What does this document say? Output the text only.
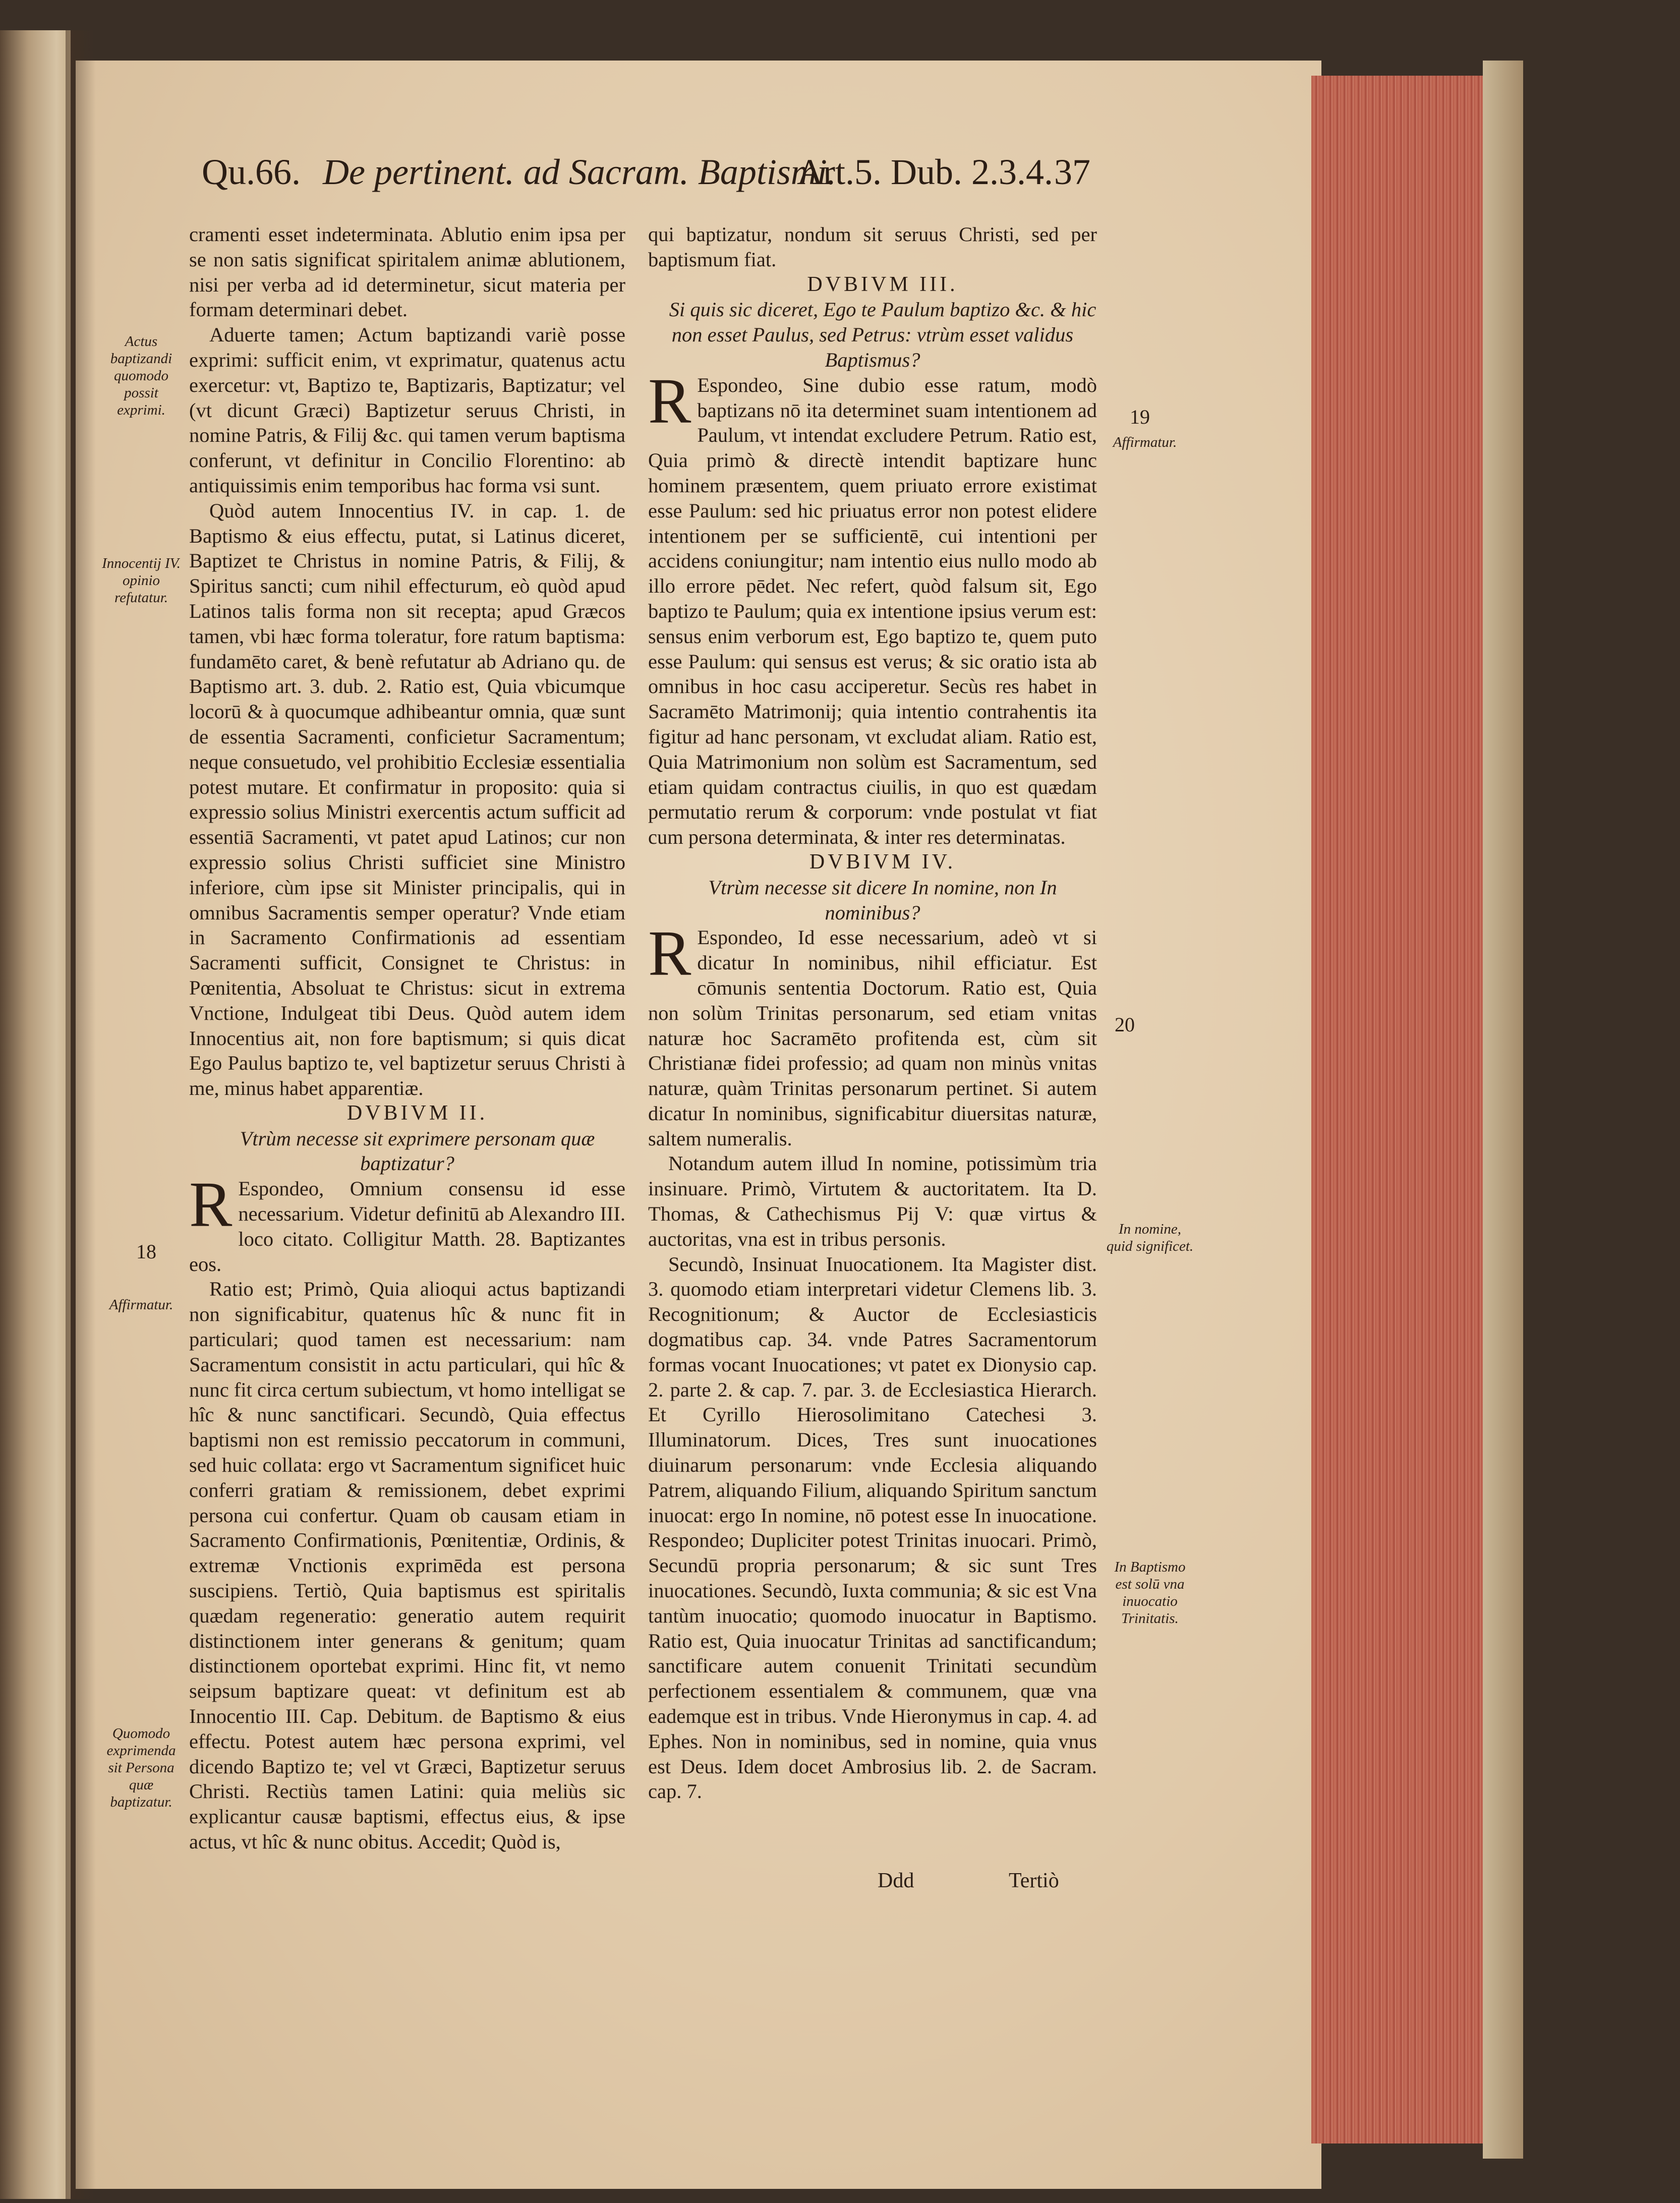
Qu.66. De pertinent. ad Sacram. Baptismi.
Art.5. Dub. 2.3.4. 37

cramenti esset indeterminata. Ablutio enim ipsa per se non satis significat spiritalem animæ ablutionem, nisi per verba ad id determinetur, sicut materia per formam determinari debet.

Aduerte tamen; Actum baptizandi variè posse exprimi: sufficit enim, vt exprimatur, quatenus actu exercetur: vt, Baptizo te, Baptizaris, Baptizatur; vel (vt dicunt Græci) Baptizetur seruus Christi, in nomine Patris, & Filij &c. qui tamen verum baptisma conferunt, vt definitur in Concilio Florentino: ab antiquissimis enim temporibus hac forma vsi sunt.

Quòd autem Innocentius IV. in cap. 1. de Baptismo & eius effectu, putat, si Latinus diceret, Baptizet te Christus in nomine Patris, & Filij, & Spiritus sancti; cum nihil effecturum, eò quòd apud Latinos talis forma non sit recepta; apud Græcos tamen, vbi hæc forma toleratur, fore ratum baptisma: fundamēto caret, & benè refutatur ab Adriano qu. de Baptismo art. 3. dub. 2. Ratio est, Quia vbicumque locorū & à quocumque adhibeantur omnia, quæ sunt de essentia Sacramenti, conficietur Sacramentum; neque consuetudo, vel prohibitio Ecclesiæ essentialia potest mutare. Et confirmatur in proposito: quia si expressio solius Ministri exercentis actum sufficit ad essentiā Sacramenti, vt patet apud Latinos; cur non expressio solius Christi sufficiet sine Ministro inferiore, cùm ipse sit Minister principalis, qui in omnibus Sacramentis semper operatur? Vnde etiam in Sacramento Confirmationis ad essentiam Sacramenti sufficit, Consignet te Christus: in Pœnitentia, Absoluat te Christus: sicut in extrema Vnctione, Indulgeat tibi Deus. Quòd autem idem Innocentius ait, non fore baptismum; si quis dicat Ego Paulus baptizo te, vel baptizetur seruus Christi à me, minus habet apparentiæ.

DVBIVM II.

Vtrùm necesse sit exprimere personam quæ baptizatur?

R Espondeo, Omnium consensu id esse necessarium. Videtur definitū ab Alexandro III. loco citato. Colligitur Matth. 28. Baptizantes eos.

Ratio est; Primò, Quia alioqui actus baptizandi non significabitur, quatenus hîc & nunc fit in particulari; quod tamen est necessarium: nam Sacramentum consistit in actu particulari, qui hîc & nunc fit circa certum subiectum, vt homo intelligat se hîc & nunc sanctificari. Secundò, Quia effectus baptismi non est remissio peccatorum in communi, sed huic collata: ergo vt Sacramentum significet huic conferri gratiam & remissionem, debet exprimi persona cui confertur. Quam ob causam etiam in Sacramento Confirmationis, Pœnitentiæ, Ordinis, & extremæ Vnctionis exprimēda est persona suscipiens. Tertiò, Quia baptismus est spiritalis quædam regeneratio: generatio autem requirit distinctionem inter generans & genitum; quam distinctionem oportebat exprimi. Hinc fit, vt nemo seipsum baptizare queat: vt definitum est ab Innocentio III. Cap. Debitum. de Baptismo & eius effectu. Potest autem hæc persona exprimi, vel dicendo Baptizo te; vel vt Græci, Baptizetur seruus Christi. Rectiùs tamen Latini: quia meliùs sic explicantur causæ baptismi, effectus eius, & ipse actus, vt hîc & nunc obitus. Accedit; Quòd is,

qui baptizatur, nondum sit seruus Christi, sed per baptismum fiat.

DVBIVM III.

Si quis sic diceret, Ego te Paulum baptizo &c. & hic non esset Paulus, sed Petrus: vtrùm esset validus Baptismus?

R Espondeo, Sine dubio esse ratum, modò baptizans nō ita determinet suam intentionem ad Paulum, vt intendat excludere Petrum. Ratio est, Quia primò & directè intendit baptizare hunc hominem præsentem, quem priuato errore existimat esse Paulum: sed hic priuatus error non potest elidere intentionem per se sufficientē, cui intentioni per accidens coniungitur; nam intentio eius nullo modo ab illo errore pēdet. Nec refert, quòd falsum sit, Ego baptizo te Paulum; quia ex intentione ipsius verum est: sensus enim verborum est, Ego baptizo te, quem puto esse Paulum: qui sensus est verus; & sic oratio ista ab omnibus in hoc casu acciperetur. Secùs res habet in Sacramēto Matrimonij; quia intentio contrahentis ita figitur ad hanc personam, vt excludat aliam. Ratio est, Quia Matrimonium non solùm est Sacramentum, sed etiam quidam contractus ciuilis, in quo est quædam permutatio rerum & corporum: vnde postulat vt fiat cum persona determinata, & inter res determinatas.

DVBIVM IV.

Vtrùm necesse sit dicere In nomine, non In nominibus?

R Espondeo, Id esse necessarium, adeò vt si dicatur In nominibus, nihil efficiatur. Est cōmunis sententia Doctorum. Ratio est, Quia non solùm Trinitas personarum, sed etiam vnitas naturæ hoc Sacramēto profitenda est, cùm sit Christianæ fidei professio; ad quam non minùs vnitas naturæ, quàm Trinitas personarum pertinet. Si autem dicatur In nominibus, significabitur diuersitas naturæ, saltem numeralis.

Notandum autem illud In nomine, potissimùm tria insinuare. Primò, Virtutem & auctoritatem. Ita D. Thomas, & Cathechismus Pij V: quæ virtus & auctoritas, vna est in tribus personis.

Secundò, Insinuat Inuocationem. Ita Magister dist. 3. quomodo etiam interpretari videtur Clemens lib. 3. Recognitionum; & Auctor de Ecclesiasticis dogmatibus cap. 34. vnde Patres Sacramentorum formas vocant Inuocationes; vt patet ex Dionysio cap. 2. parte 2. & cap. 7. par. 3. de Ecclesiastica Hierarch. Et Cyrillo Hierosolimitano Catechesi 3. Illuminatorum. Dices, Tres sunt inuocationes diuinarum personarum: vnde Ecclesia aliquando Patrem, aliquando Filium, aliquando Spiritum sanctum inuocat: ergo In nomine, nō potest esse In inuocatione. Respondeo; Dupliciter potest Trinitas inuocari. Primò, Secundū propria personarum; & sic sunt Tres inuocationes. Secundò, Iuxta communia; & sic est Vna tantùm inuocatio; quomodo inuocatur in Baptismo. Ratio est, Quia inuocatur Trinitas ad sanctificandum; sanctificare autem conuenit Trinitati secundùm perfectionem essentialem & communem, quæ vna eademque est in tribus. Vnde Hieronymus in cap. 4. ad Ephes. Non in nominibus, sed in nomine, quia vnus est Deus. Idem docet Ambrosius lib. 2. de Sacram. cap. 7.

Actus baptizandi quomodo possit exprimi.
Innocentij IV. opinio refutatur.
18
Affirmatur.
Quomodo exprimenda sit Persona quæ baptizatur.
19
Affirmatur.
20
In nomine, quid significet.
In Baptismo est solū vna inuocatio Trinitatis.
Ddd	Tertiò
